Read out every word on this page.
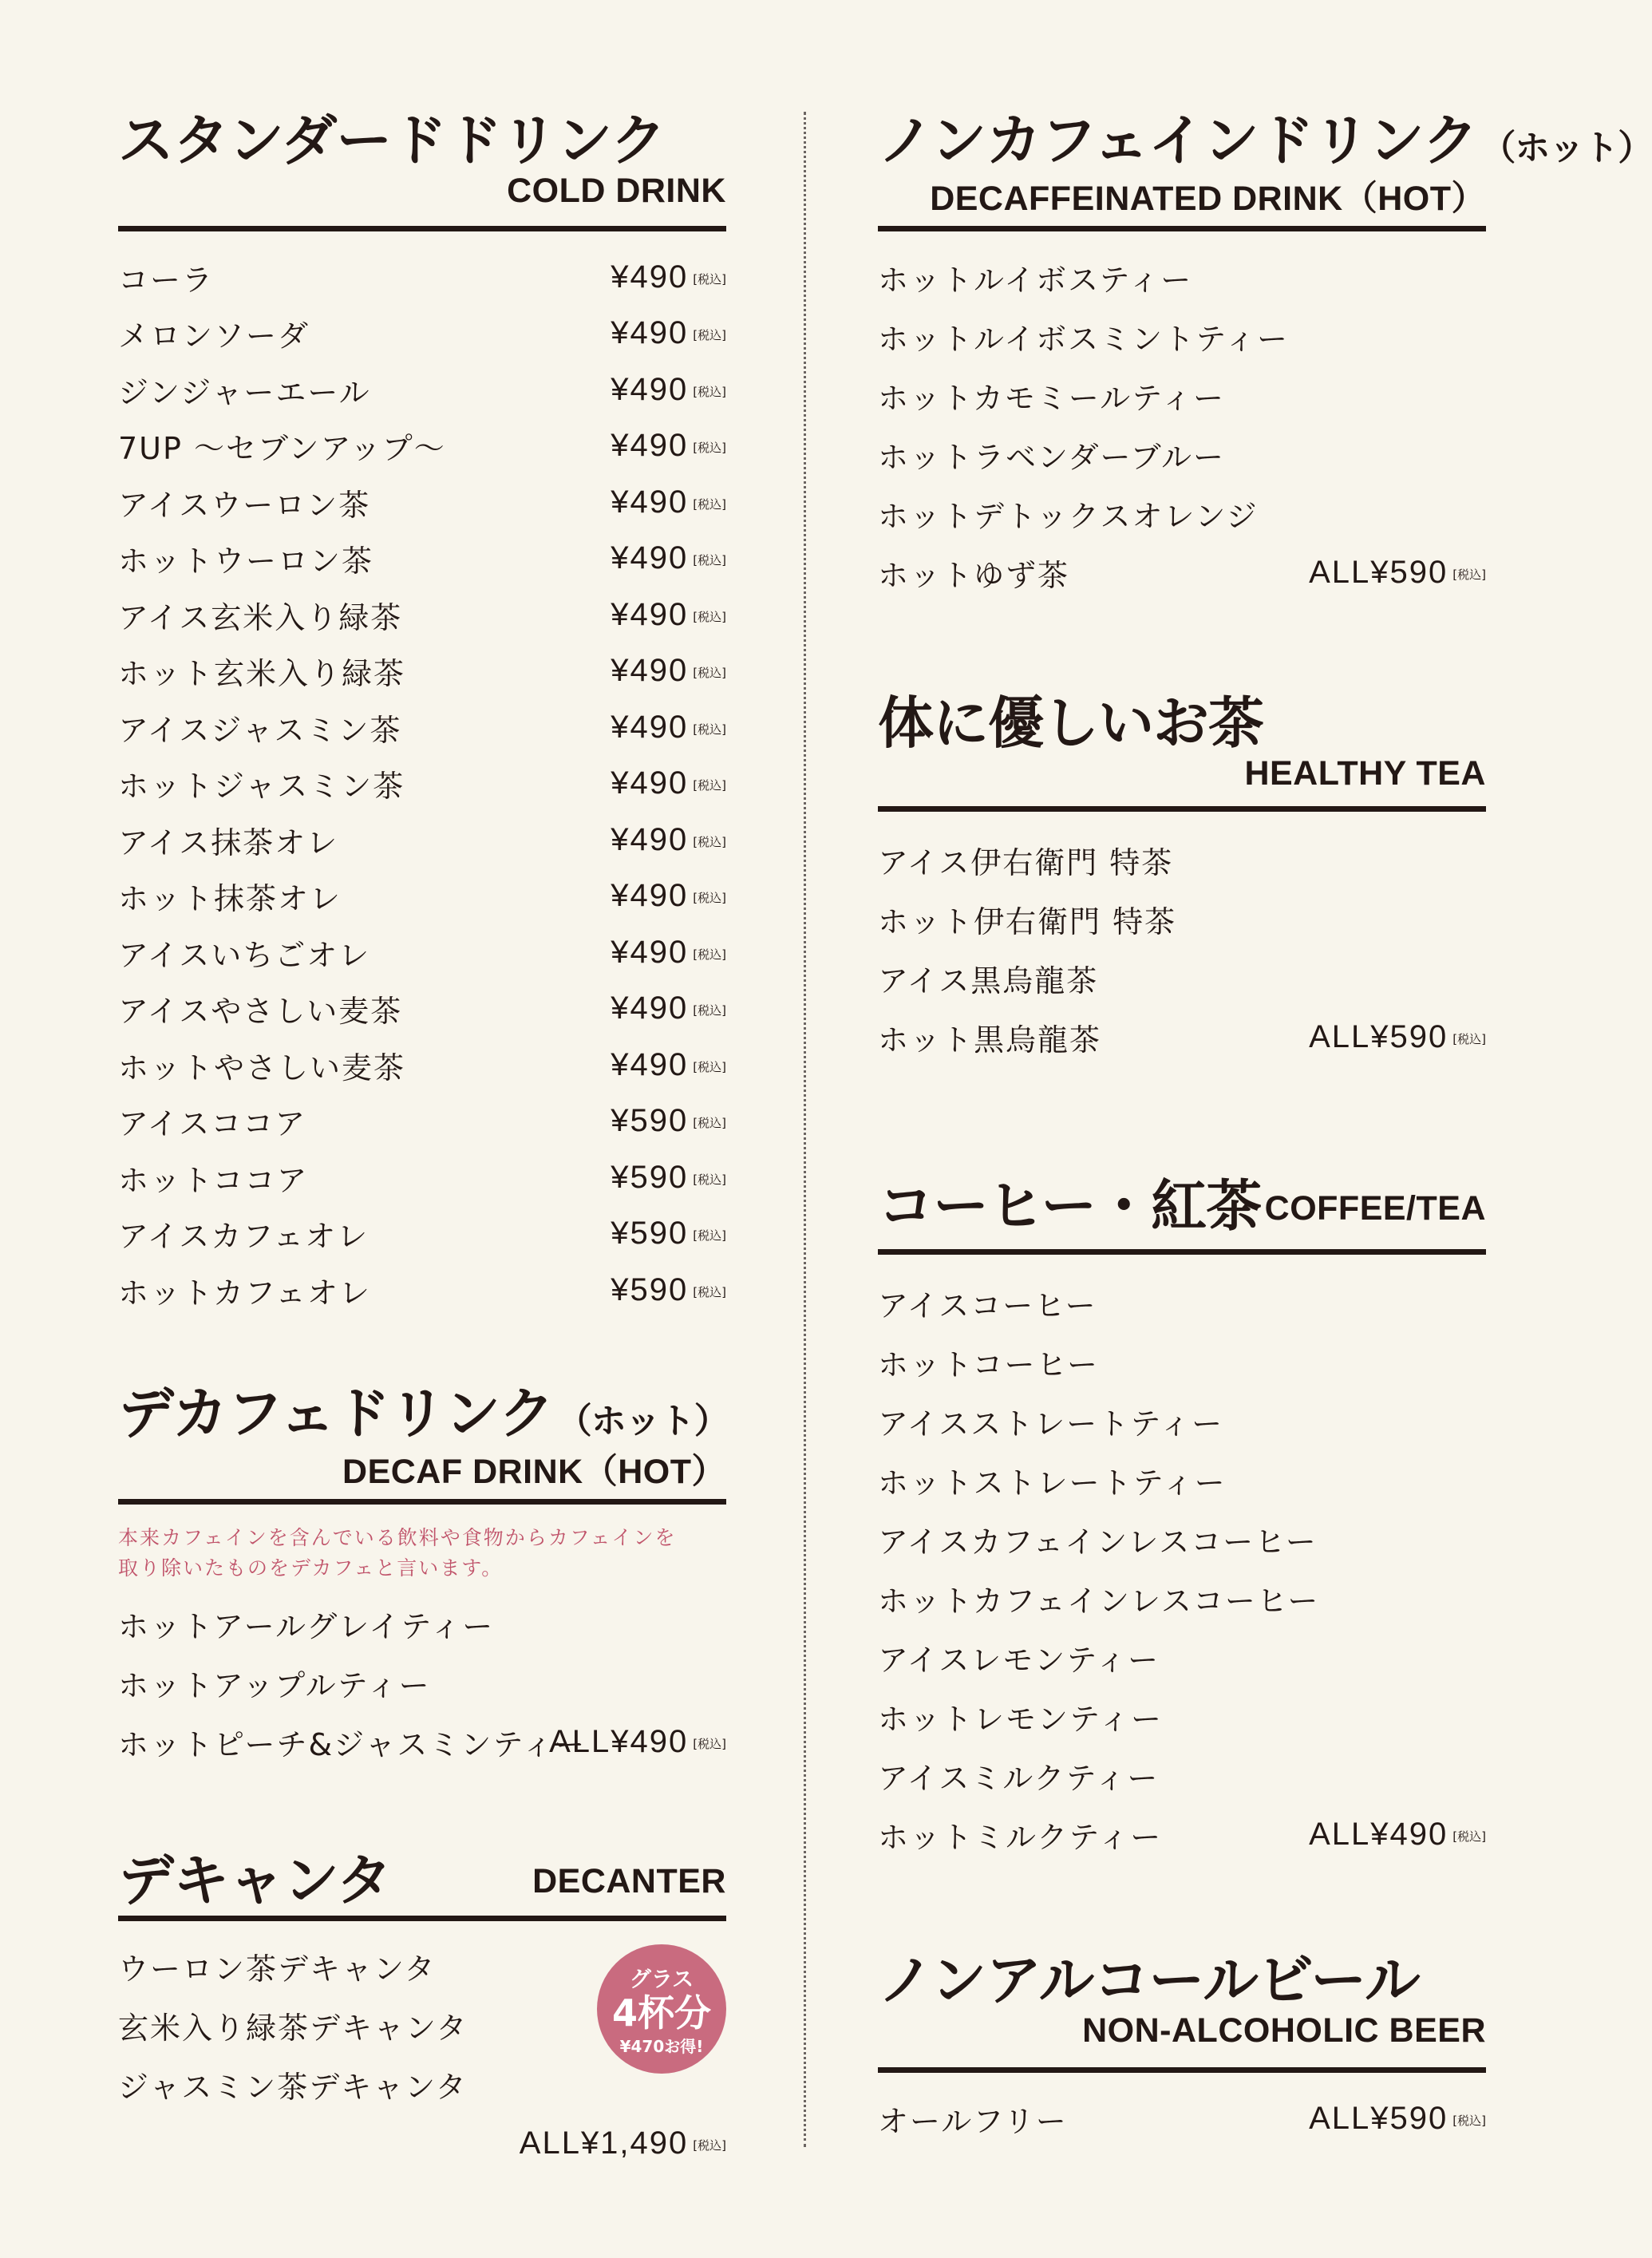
スタンダードドリンク
COLD DRINK
コーラ	¥490 [税込]
メロンソーダ	¥490 [税込]
ジンジャーエール	¥490 [税込]
7UP ～セブンアップ～	¥490 [税込]
アイスウーロン茶	¥490 [税込]
ホットウーロン茶	¥490 [税込]
アイス玄米入り緑茶	¥490 [税込]
ホット玄米入り緑茶	¥490 [税込]
アイスジャスミン茶	¥490 [税込]
ホットジャスミン茶	¥490 [税込]
アイス抹茶オレ	¥490 [税込]
ホット抹茶オレ	¥490 [税込]
アイスいちごオレ	¥490 [税込]
アイスやさしい麦茶	¥490 [税込]
ホットやさしい麦茶	¥490 [税込]
アイスココア	¥590 [税込]
ホットココア	¥590 [税込]
アイスカフェオレ	¥590 [税込]
ホットカフェオレ	¥590 [税込]
デカフェドリンク（ホット）
DECAF DRINK（HOT）
本来カフェインを含んでいる飲料や食物からカフェインを
取り除いたものをデカフェと言います。
ホットアールグレイティー
ホットアップルティー
ホットピーチ&ジャスミンティー
ALL¥490 [税込]
デキャンタ	DECANTER
ウーロン茶デキャンタ
玄米入り緑茶デキャンタ
ジャスミン茶デキャンタ
ALL¥1,490 [税込]
グラス
4杯分
¥470お得!
ノンカフェインドリンク（ホット）
DECAFFEINATED DRINK（HOT）
ホットルイボスティー
ホットルイボスミントティー
ホットカモミールティー
ホットラベンダーブルー
ホットデトックスオレンジ
ホットゆず茶	ALL¥590 [税込]
体に優しいお茶
HEALTHY TEA
アイス伊右衛門 特茶
ホット伊右衛門 特茶
アイス黒烏龍茶
ホット黒烏龍茶	ALL¥590 [税込]
コーヒー・紅茶 COFFEE/TEA
アイスコーヒー
ホットコーヒー
アイスストレートティー
ホットストレートティー
アイスカフェインレスコーヒー
ホットカフェインレスコーヒー
アイスレモンティー
ホットレモンティー
アイスミルクティー
ホットミルクティー	ALL¥490 [税込]
ノンアルコールビール
NON-ALCOHOLIC BEER
オールフリー	ALL¥590 [税込]
